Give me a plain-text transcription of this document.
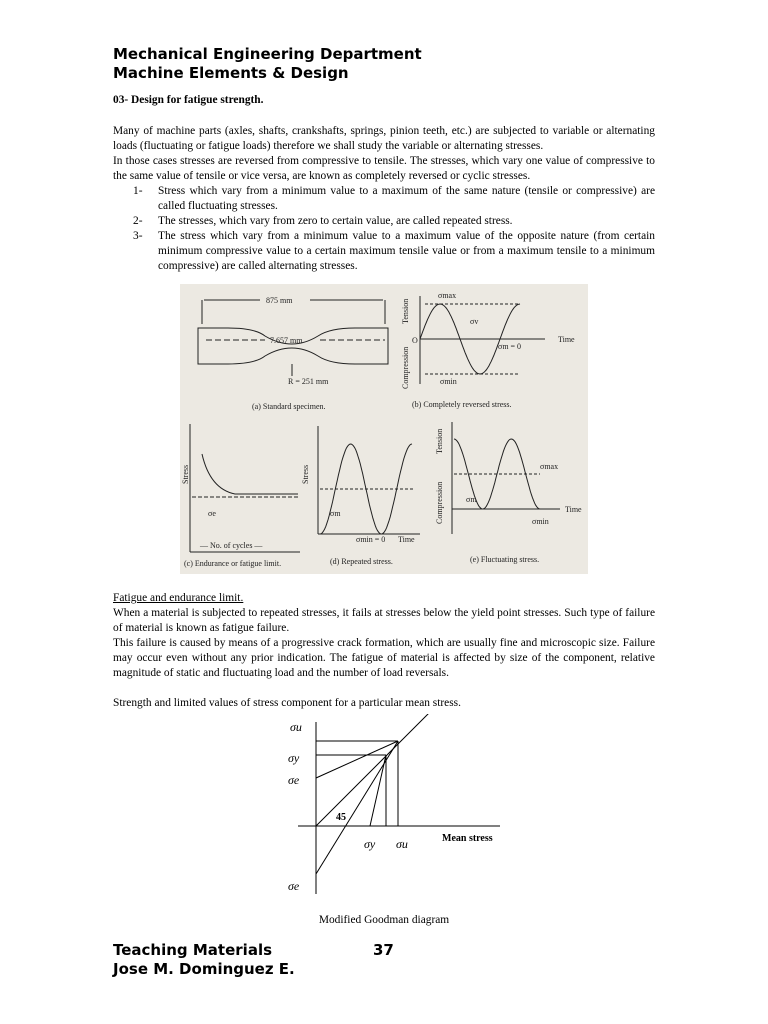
Mechanical Engineering Department
Machine Elements & Design
03- Design for fatigue strength.
Many of machine parts (axles, shafts, crankshafts, springs, pinion teeth, etc.) are subjected to variable or alternating loads (fluctuating or fatigue loads) therefore we shall study the variable or alternating stresses.
In those cases stresses are reversed from compressive to tensile. The stresses, which vary one value of compressive to the same value of tensile or vice versa, are known as completely reversed or cyclic stresses.
1- Stress which vary from a minimum value to a maximum of the same nature (tensile or compressive) are called fluctuating stresses.
2- The stresses, which vary from zero to certain value, are called repeated stress.
3- The stress which vary from a minimum value to a maximum value of the opposite nature (from certain minimum compressive value to a certain maximum tensile value or from a maximum tensile to a minimum compressive) are called alternating stresses.
875 mm
7.657 mm
R = 251 mm
(a) Standard specimen.	(b) Completely reversed stress.
(c) Endurance or fatigue limit.	(d) Repeated stress.	(e) Fluctuating stress.
Tension
Compression
Time
σmax
σmin
σv
σm = 0
O
Stress
σe
— No. of cycles —
Stress
σm
σmin = 0 Time
Tension
Compression
σmax
σmin
Time
σm
Fatigue and endurance limit.
When a material is subjected to repeated stresses, it fails at stresses below the yield point stresses. Such type of failure of material is known as fatigue failure.
This failure is caused by means of a progressive crack formation, which are usually fine and microscopic size. Failure may occur even without any prior indication. The fatigue of material is affected by size of the component, relative magnitude of static and fluctuating load and the number of load reversals.
Strength and limited values of stress component for a particular mean stress.
σu
σy
σe
σe
σy σu
45
Mean stress
Modified Goodman diagram
Teaching Materials	37
Jose M. Dominguez E.
